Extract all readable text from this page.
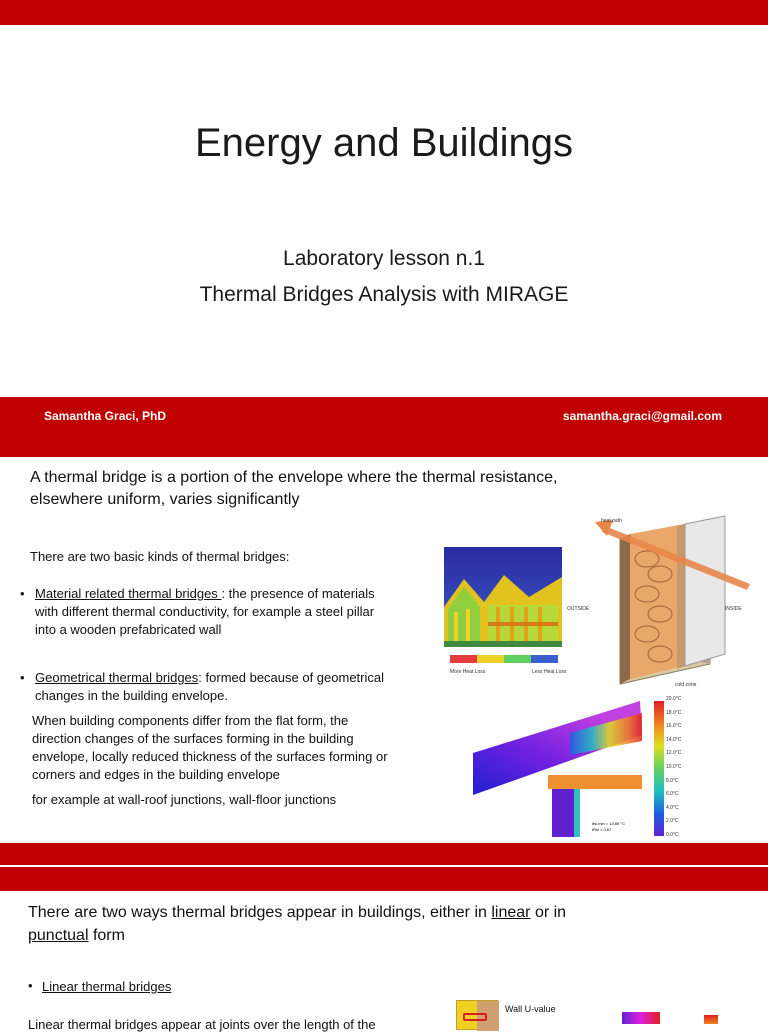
Energy and Buildings
Laboratory lesson n.1
Thermal Bridges Analysis with MIRAGE
Samantha Graci, PhD	samantha.graci@gmail.com
A thermal bridge is a portion of the envelope where the thermal resistance,
elsewhere uniform, varies significantly
There are two basic kinds of thermal bridges:
• Material related thermal bridges : the presence of materials
with different thermal conductivity, for example a steel pillar
into a wooden prefabricated wall
• Geometrical thermal bridges: formed because of geometrical
changes in the building envelope.
When building components differ from the flat form, the
direction changes of the surfaces forming in the building
envelope, locally reduced thickness of the surfaces forming or
corners and edges in the building envelope
for example at wall-roof junctions, wall-floor junctions
More Heat Loss	Less Heat Loss
heat path
OUTSIDE	INSIDE
cold zone
θsi,min = 13,89 °C
fRsi = 0,67
20.0°C
18.0°C
16.0°C
14.0°C
12.0°C
10.0°C
8.0°C
6.0°C
4.0°C
2.0°C
0.0°C
There are two ways thermal bridges appear in buildings, either in linear or in
punctual form
• Linear thermal bridges
Linear thermal bridges appear at joints over the length of the
Wall U-value
